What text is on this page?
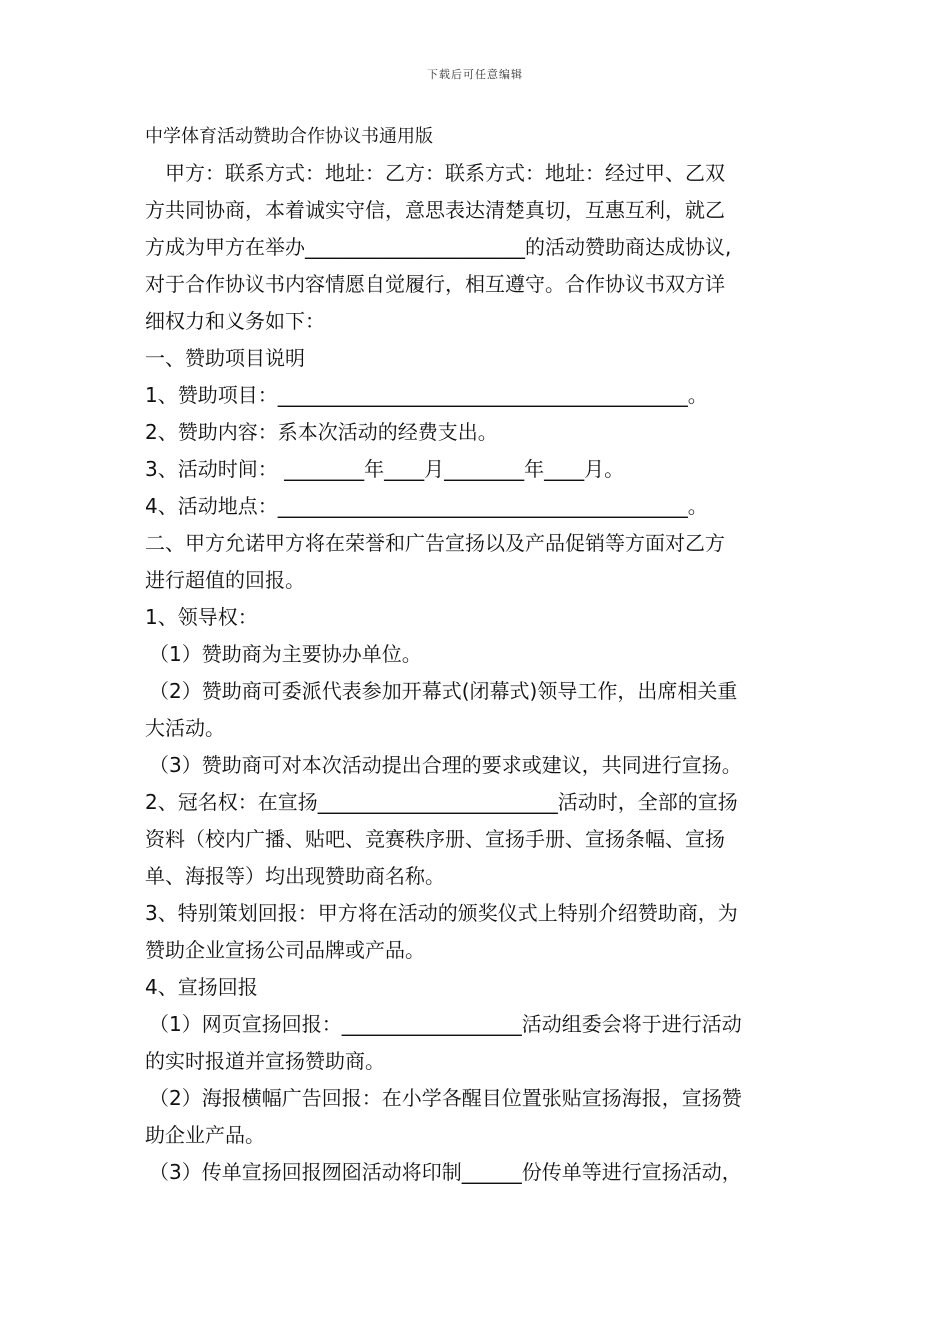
下载后可任意编辑
中学体育活动赞助合作协议书通用版

甲方：联系方式：地址：乙方：联系方式：地址：经过甲、乙双

方共同协商，本着诚实守信，意思表达清楚真切，互惠互利，就乙

方成为甲方在举办______________________的活动赞助商达成协议,

对于合作协议书内容情愿自觉履行，相互遵守。合作协议书双方详

细权力和义务如下：

一、赞助项目说明

1、赞助项目：_________________________________________。

2、赞助内容：系本次活动的经费支出。

3、活动时间： ________年____月________年____月。

4、活动地点：_________________________________________。

二、甲方允诺甲方将在荣誉和广告宣扬以及产品促销等方面对乙方

进行超值的回报。

1、领导权：

（1）赞助商为主要协办单位。

（2）赞助商可委派代表参加开幕式(闭幕式)领导工作，出席相关重

大活动。

（3）赞助商可对本次活动提出合理的要求或建议，共同进行宣扬。

2、冠名权：在宣扬________________________活动时，全部的宣扬

资料（校内广播、贴吧、竞赛秩序册、宣扬手册、宣扬条幅、宣扬

单、海报等）均出现赞助商名称。

3、特别策划回报：甲方将在活动的颁奖仪式上特别介绍赞助商，为

赞助企业宣扬公司品牌或产品。

4、宣扬回报

（1）网页宣扬回报：__________________活动组委会将于进行活动

的实时报道并宣扬赞助商。

（2）海报横幅广告回报：在小学各醒目位置张贴宣扬海报，宣扬赞

助企业产品。

（3）传单宣扬回报囫囵活动将印制______份传单等进行宣扬活动，
